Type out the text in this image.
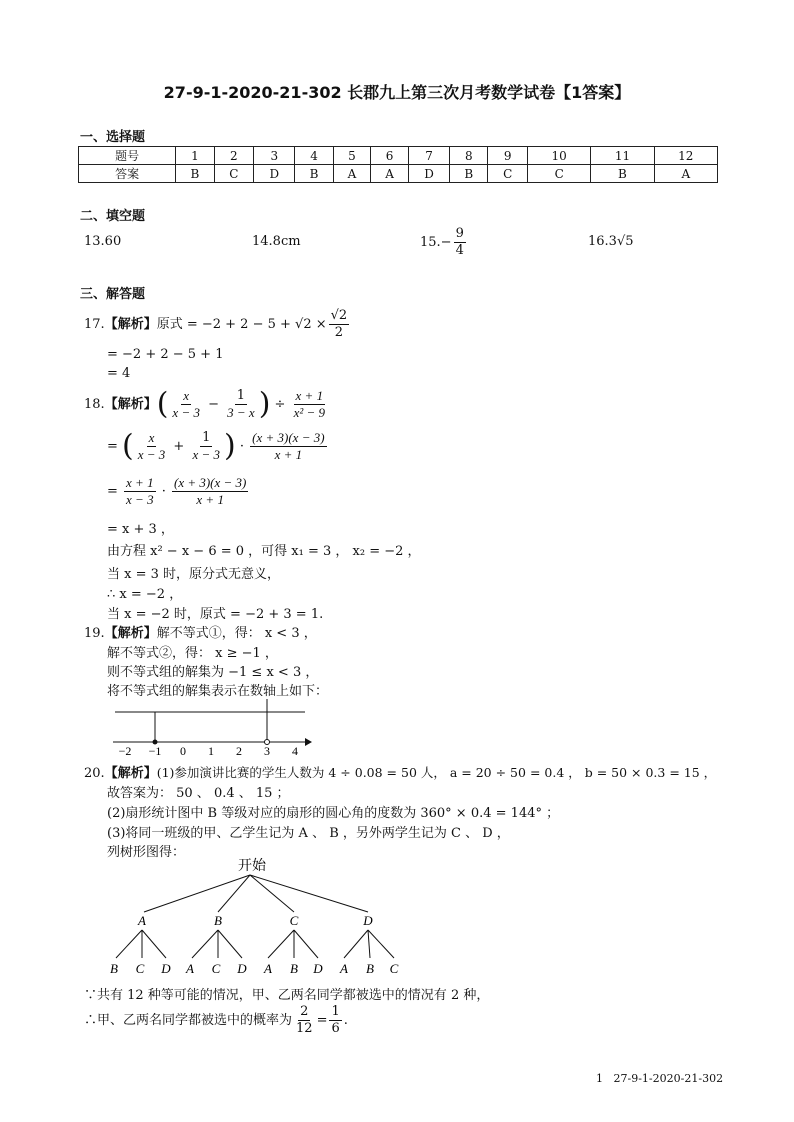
27-9-1-2020-21-302 长郡九上第三次月考数学试卷【1答案】
一、选择题
题号	1	2	3	4	5	6	7	8	9	10	11	12
答案	B	C	D	B	A	A	D	B	C	C	B	A
二、填空题
13.60	14.8cm	$15.- \frac{9}{4}$	16.3√5
三、解答题
17.【解析】原式 = $-2 + 2 - 5 + √2 \times \frac{√2}{2}$
= −2 + 2 − 5 + 1
= 4
18.【解析】( $\frac{x}{x - 3} - \frac{1}{3 - x}$ ) ÷ $\frac{x + 1}{\text{x² − 9}}$
= ( $\frac{x}{x - 3} + \frac{1}{x - 3}$ ) · $\frac{(x + 3)(x - 3)}{x + 1}$
= $\frac{x + 1}{x - 3} \cdot \frac{(x + 3)(x - 3)}{x + 1}$
= x + 3 ，
由方程 x² − x − 6 = 0 ，可得 x₁ = 3 ， x₂ = −2 ，
当 x = 3 时，原分式无意义，
∴ x = −2 ，
当 x = −2 时，原式 = −2 + 3 = 1.
19.【解析】解不等式①，得： x < 3 ，
解不等式②，得： x ≥ −1 ，
则不等式组的解集为 −1 ≤ x < 3 ，
将不等式组的解集表示在数轴上如下：
−2 −1 0 1 2 3 4
20.【解析】(1)参加演讲比赛的学生人数为 4 ÷ 0.08 = 50 人， a = 20 ÷ 50 = 0.4 ， b = 50 × 0.3 = 15 ，
故答案为： 50 、 0.4 、 15 ；
(2)扇形统计图中 B 等级对应的扇形的圆心角的度数为 360° × 0.4 = 144° ；
(3)将同一班级的甲、乙学生记为 A 、 B ，另外两学生记为 C 、 D ，
列树形图得：
开始
A	B	C	D
B C D A C D A B D A B C
∵共有 12 种等可能的情况，甲、乙两名同学都被选中的情况有 2 种，
∴甲、乙两名同学都被选中的概率为 $\frac{2}{12} = \frac{1}{6}$ .
1 27-9-1-2020-21-302
